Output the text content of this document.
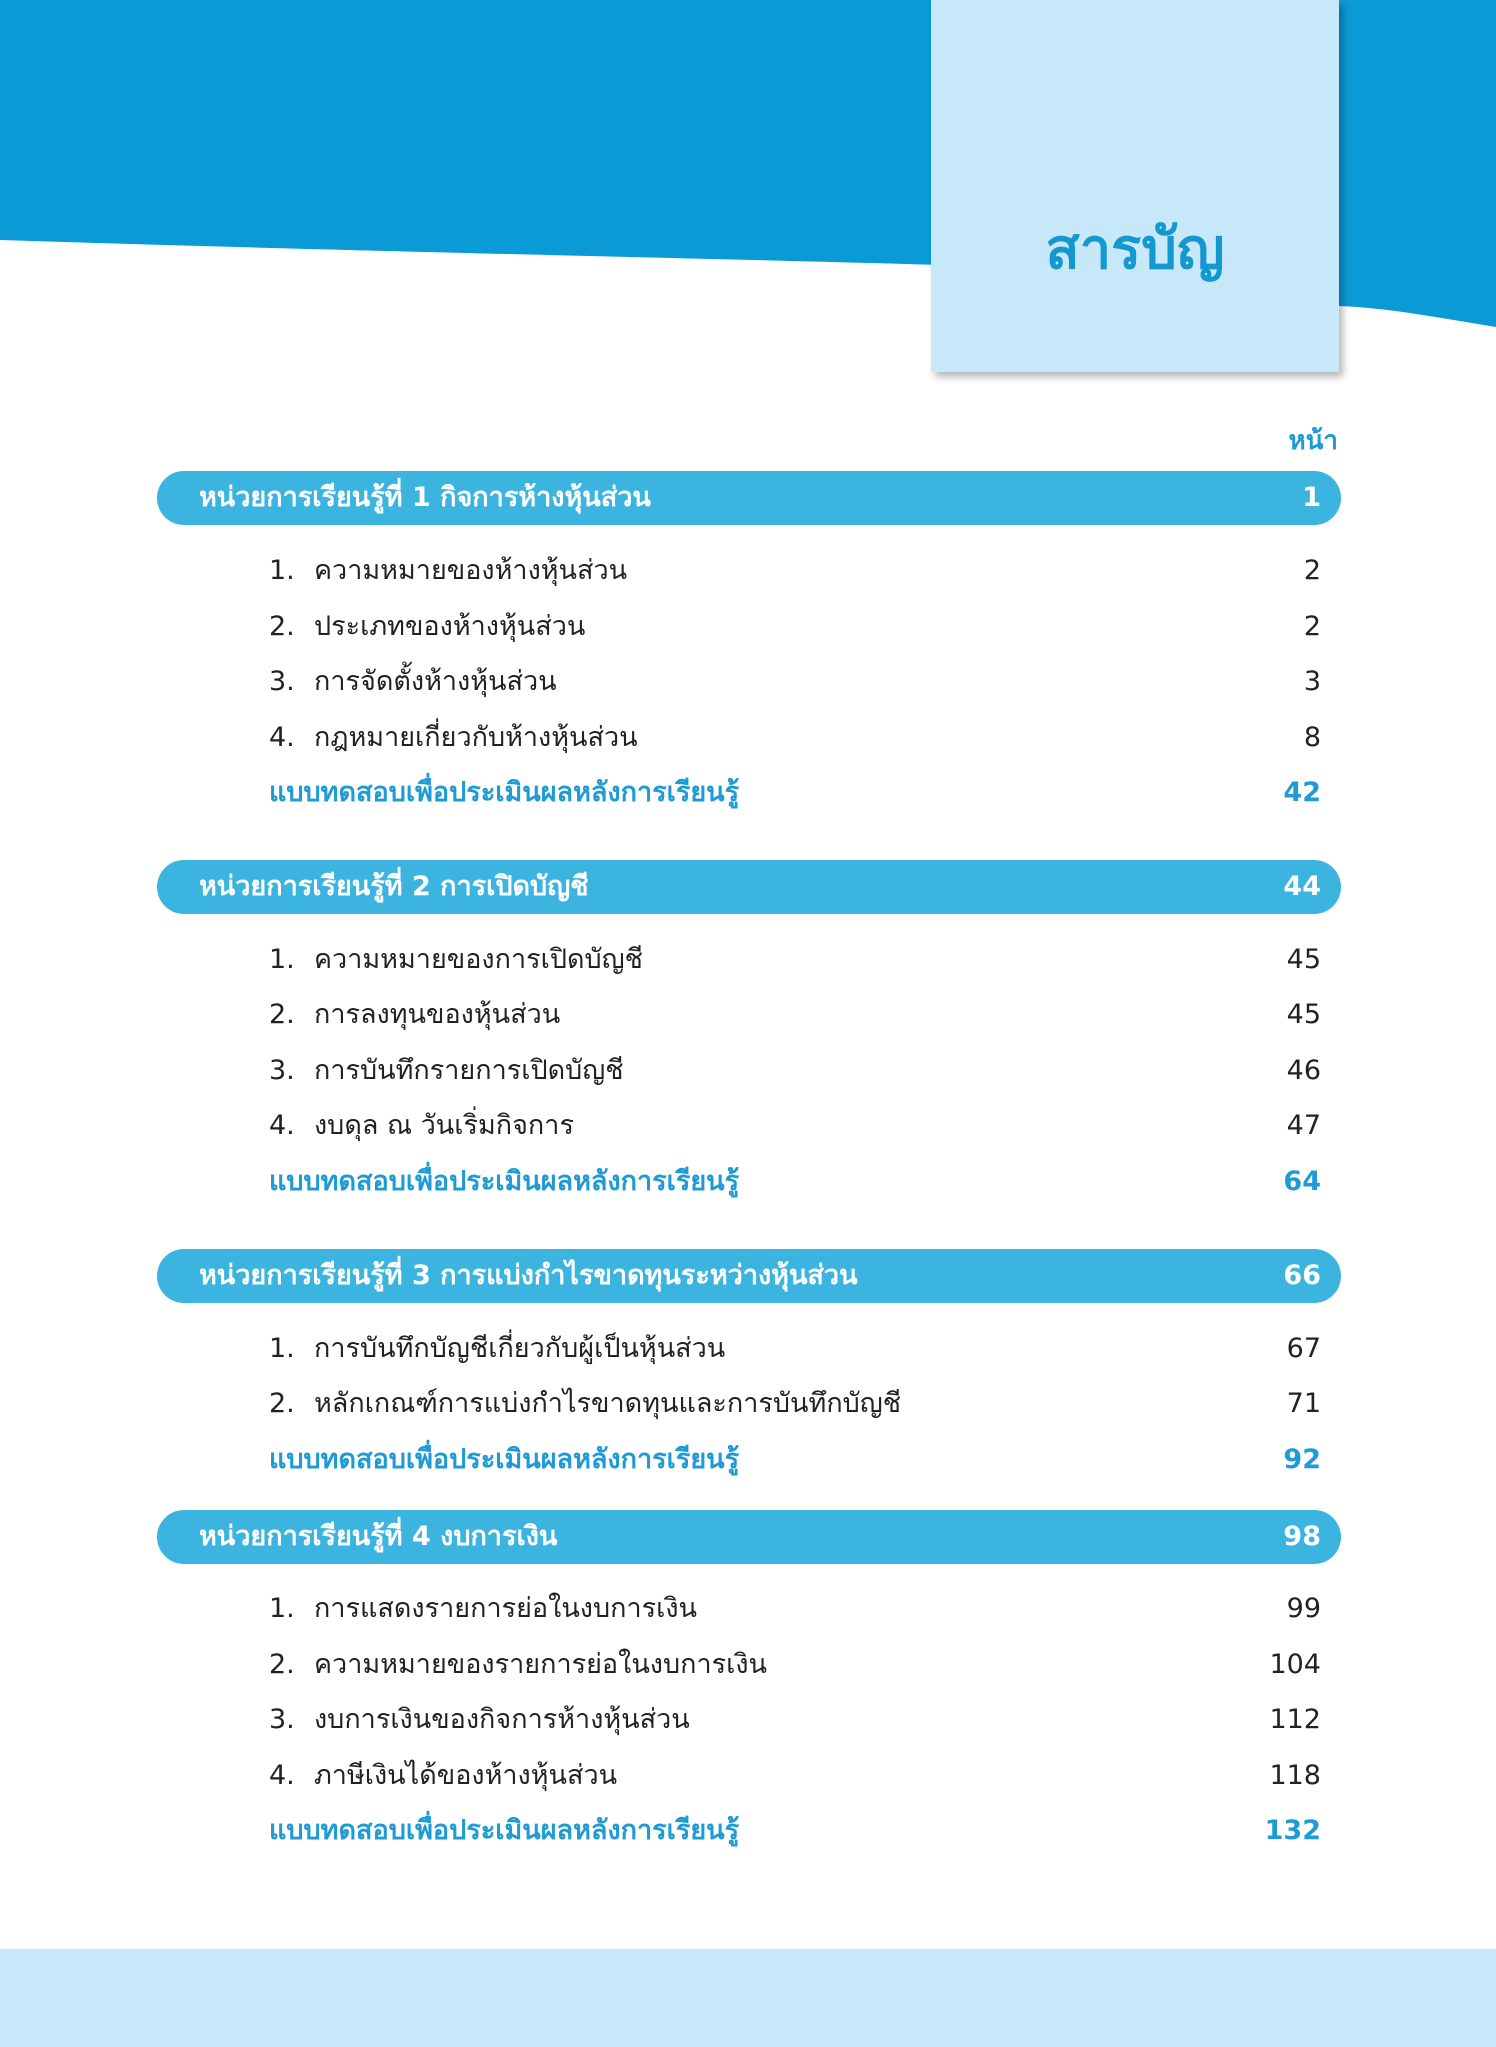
สารบัญ
หน้า
หน่วยการเรียนรู้ที่ 1 กิจการห้างหุ้นส่วน	1
1. ความหมายของห้างหุ้นส่วน	2
2. ประเภทของห้างหุ้นส่วน	2
3. การจัดตั้งห้างหุ้นส่วน	3
4. กฎหมายเกี่ยวกับห้างหุ้นส่วน	8
แบบทดสอบเพื่อประเมินผลหลังการเรียนรู้	42
หน่วยการเรียนรู้ที่ 2 การเปิดบัญชี	44
1. ความหมายของการเปิดบัญชี	45
2. การลงทุนของหุ้นส่วน	45
3. การบันทึกรายการเปิดบัญชี	46
4. งบดุล ณ วันเริ่มกิจการ	47
แบบทดสอบเพื่อประเมินผลหลังการเรียนรู้	64
หน่วยการเรียนรู้ที่ 3 การแบ่งกำไรขาดทุนระหว่างหุ้นส่วน	66
1. การบันทึกบัญชีเกี่ยวกับผู้เป็นหุ้นส่วน	67
2. หลักเกณฑ์การแบ่งกำไรขาดทุนและการบันทึกบัญชี	71
แบบทดสอบเพื่อประเมินผลหลังการเรียนรู้	92
หน่วยการเรียนรู้ที่ 4 งบการเงิน	98
1. การแสดงรายการย่อในงบการเงิน	99
2. ความหมายของรายการย่อในงบการเงิน	104
3. งบการเงินของกิจการห้างหุ้นส่วน	112
4. ภาษีเงินได้ของห้างหุ้นส่วน	118
แบบทดสอบเพื่อประเมินผลหลังการเรียนรู้	132
